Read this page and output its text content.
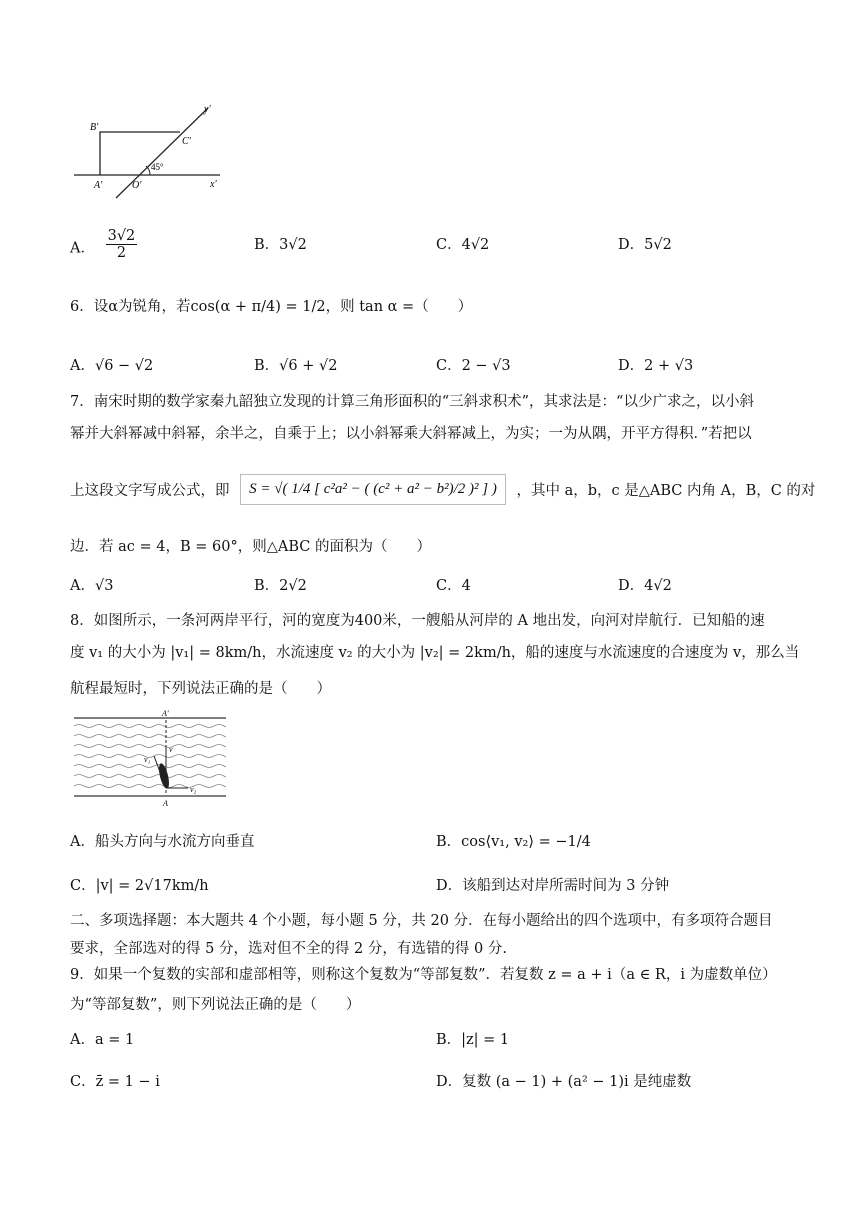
B'
C'
y'
A'	O'	x'
45°
A． $\frac{3√2}{2}$	B．3√2	C．4√2	D．5√2
6．设α为锐角，若cos(α + π/4) = 1/2，则 tan α =（　　）
A．√6 − √2	B．√6 + √2	C．2 − √3	D．2 + √3
7．南宋时期的数学家秦九韶独立发现的计算三角形面积的“三斜求积术”，其求法是：“以少广求之，以小斜
幂并大斜幂减中斜幂，余半之，自乘于上；以小斜幂乘大斜幂减上，为实；一为从隅，开平方得积．”若把以
上这段文字写成公式，即 S = √( 1/4 [ c²a² − ( (c² + a² − b²)/2 )² ] ) ，其中 a，b，c 是△ABC 内角 A，B，C 的对
边．若 ac = 4，B = 60°，则△ABC 的面积为（　　）
A．√3	B．2√2	C．4	D．4√2
8．如图所示，一条河两岸平行，河的宽度为400米，一艘船从河岸的 A 地出发，向河对岸航行．已知船的速
度 v₁ 的大小为 |v₁| = 8km/h，水流速度 v₂ 的大小为 |v₂| = 2km/h，船的速度与水流速度的合速度为 v，那么当
航程最短时，下列说法正确的是（　　）
A'
A
v
v₁
v₂
A．船头方向与水流方向垂直	B．cos⟨v₁, v₂⟩ = −1/4
C．|v| = 2√17km/h	D．该船到达对岸所需时间为 3 分钟
二、多项选择题：本大题共 4 个小题，每小题 5 分，共 20 分．在每小题给出的四个选项中，有多项符合题目
要求，全部选对的得 5 分，选对但不全的得 2 分，有选错的得 0 分.
9．如果一个复数的实部和虚部相等，则称这个复数为“等部复数”．若复数 z = a + i（a ∈ R，i 为虚数单位）
为“等部复数”，则下列说法正确的是（　　）
A．a = 1	B．|z| = 1
C．z̄ = 1 − i	D．复数 (a − 1) + (a² − 1)i 是纯虚数
